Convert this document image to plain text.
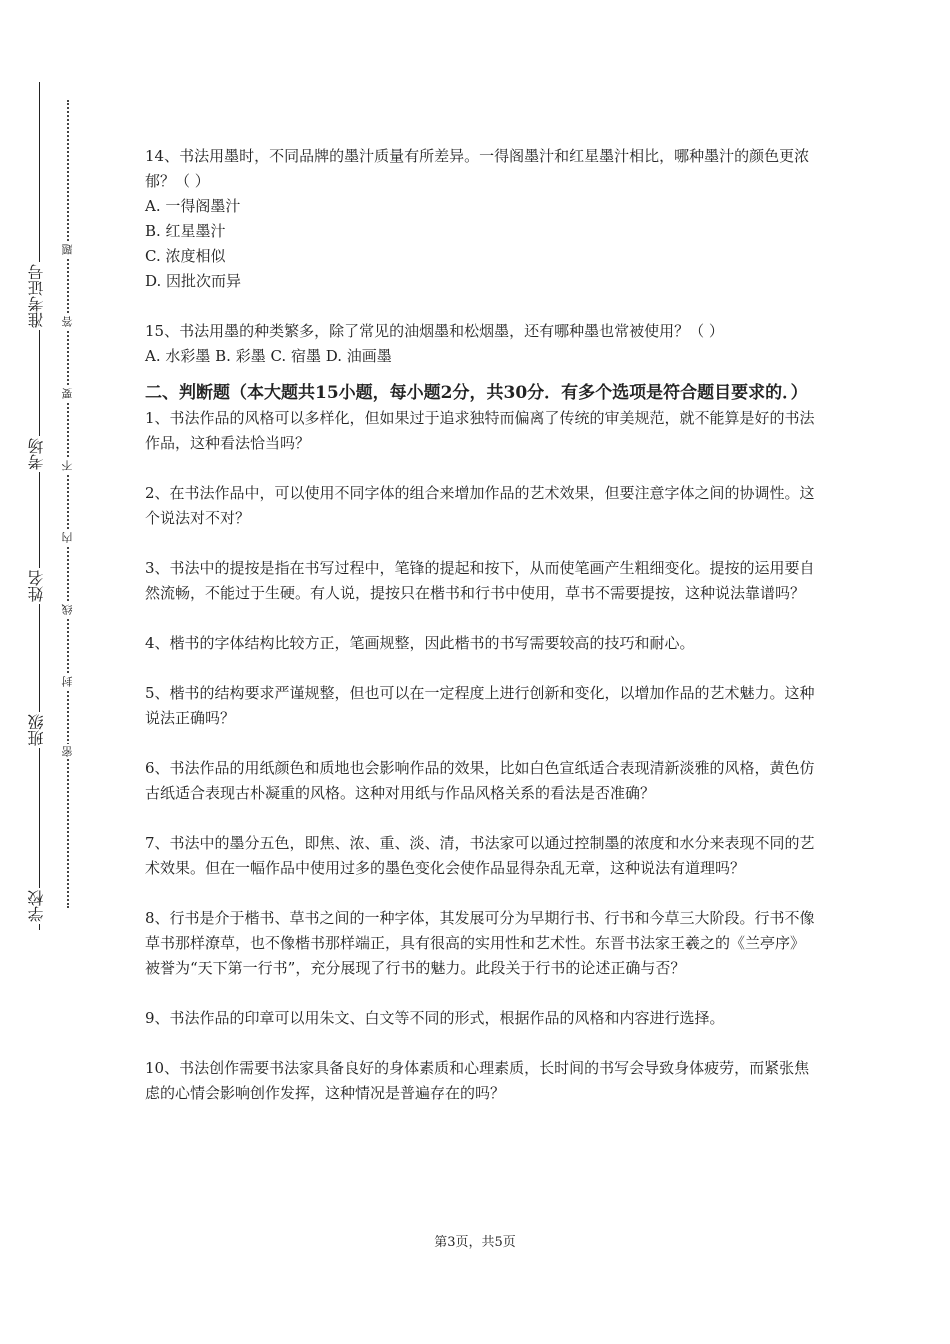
学校
班级
姓名
考场
准考证号
密
封
线
内
不
要
答
题

14、书法用墨时，不同品牌的墨汁质量有所差异。一得阁墨汁和红星墨汁相比，哪种墨汁的颜色更浓郁？（ ）

A. 一得阁墨汁

B. 红星墨汁

C. 浓度相似

D. 因批次而异

15、书法用墨的种类繁多，除了常见的油烟墨和松烟墨，还有哪种墨也常被使用？（ ）

A. 水彩墨 B. 彩墨 C. 宿墨 D. 油画墨

二、判断题（本大题共15小题，每小题2分，共30分．有多个选项是符合题目要求的．）

1、书法作品的风格可以多样化，但如果过于追求独特而偏离了传统的审美规范，就不能算是好的书法作品，这种看法恰当吗？

2、在书法作品中，可以使用不同字体的组合来增加作品的艺术效果，但要注意字体之间的协调性。这个说法对不对？

3、书法中的提按是指在书写过程中，笔锋的提起和按下，从而使笔画产生粗细变化。提按的运用要自然流畅，不能过于生硬。有人说，提按只在楷书和行书中使用，草书不需要提按，这种说法靠谱吗？

4、楷书的字体结构比较方正，笔画规整，因此楷书的书写需要较高的技巧和耐心。

5、楷书的结构要求严谨规整，但也可以在一定程度上进行创新和变化，以增加作品的艺术魅力。这种说法正确吗？

6、书法作品的用纸颜色和质地也会影响作品的效果，比如白色宣纸适合表现清新淡雅的风格，黄色仿古纸适合表现古朴凝重的风格。这种对用纸与作品风格关系的看法是否准确？

7、书法中的墨分五色，即焦、浓、重、淡、清，书法家可以通过控制墨的浓度和水分来表现不同的艺术效果。但在一幅作品中使用过多的墨色变化会使作品显得杂乱无章，这种说法有道理吗？

8、行书是介于楷书、草书之间的一种字体，其发展可分为早期行书、行书和今草三大阶段。行书不像草书那样潦草，也不像楷书那样端正，具有很高的实用性和艺术性。东晋书法家王羲之的《兰亭序》被誉为“天下第一行书”，充分展现了行书的魅力。此段关于行书的论述正确与否？

9、书法作品的印章可以用朱文、白文等不同的形式，根据作品的风格和内容进行选择。

10、书法创作需要书法家具备良好的身体素质和心理素质，长时间的书写会导致身体疲劳，而紧张焦虑的心情会影响创作发挥，这种情况是普遍存在的吗？

第3页，共5页
